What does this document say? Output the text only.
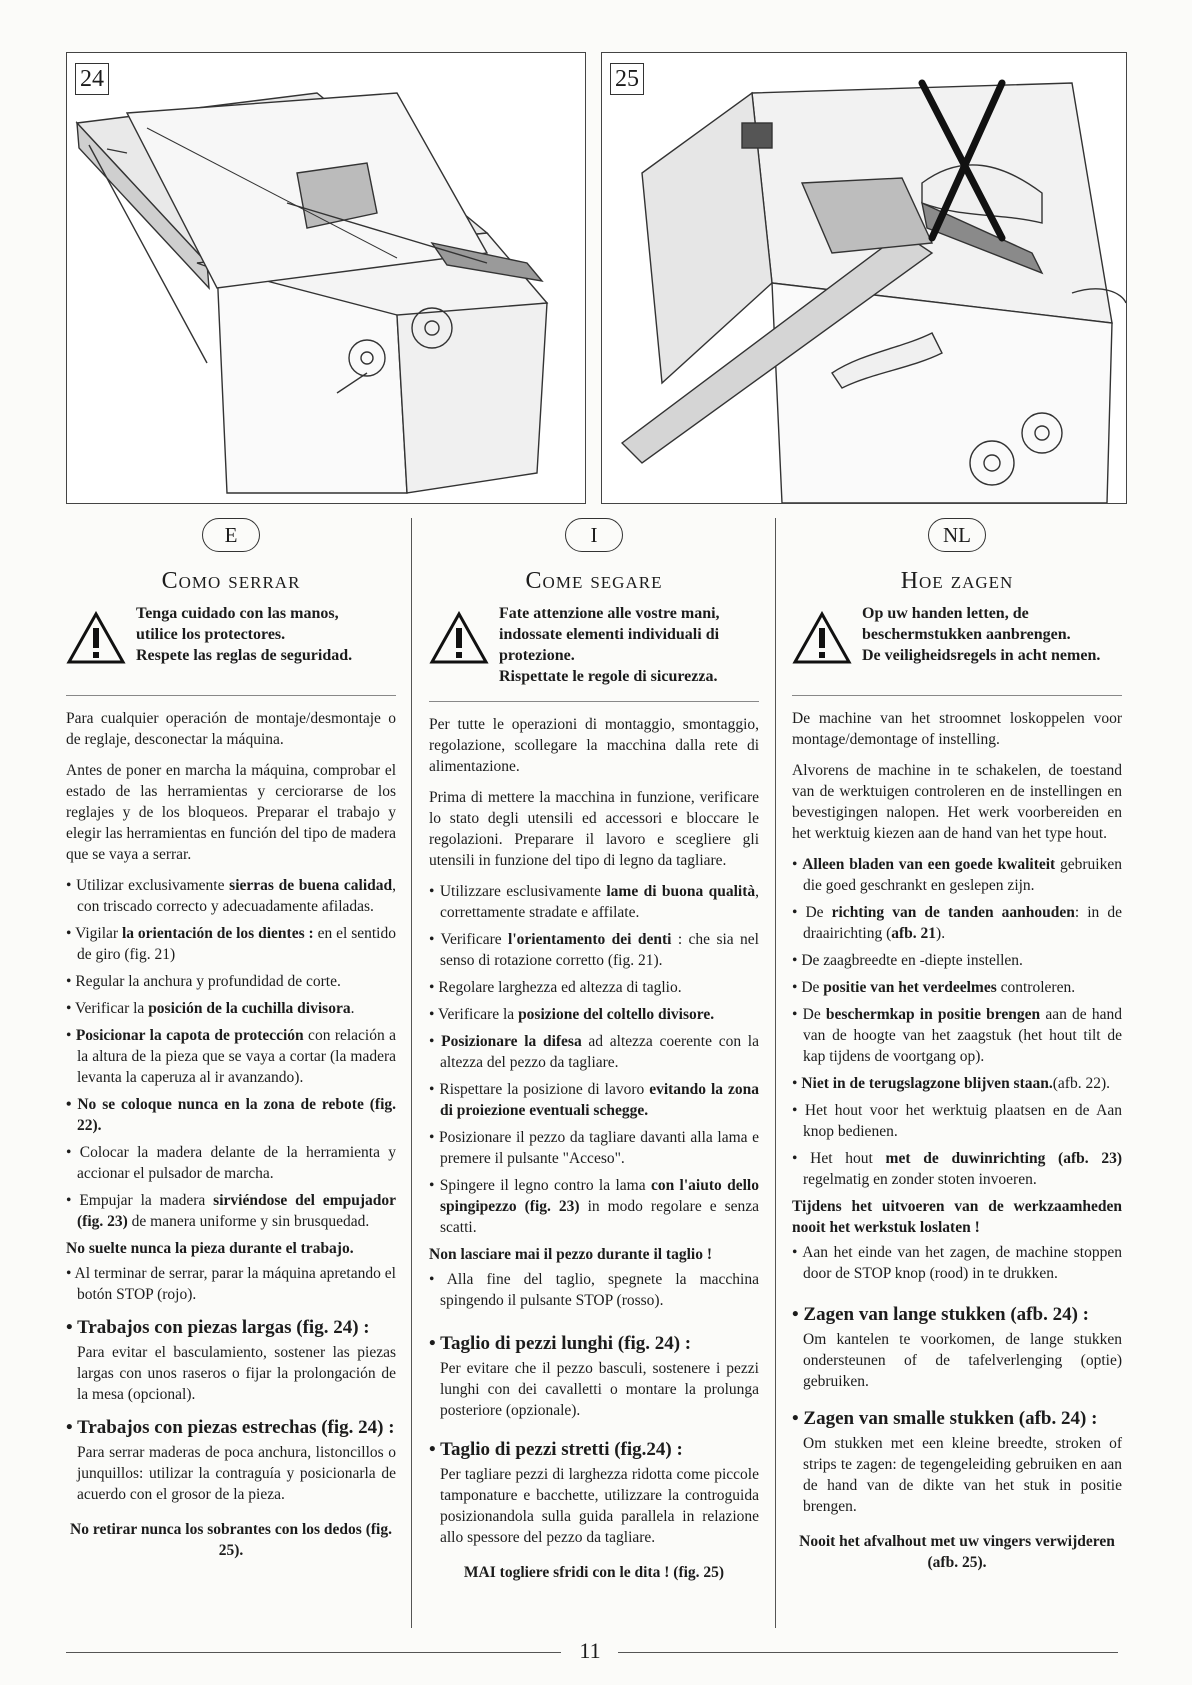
24	25
E
Como serrar

Tenga cuidado con las manos,

utilice los protectores.

Respete las reglas de seguridad.

Para cualquier operación de montaje/desmontaje o de reglaje, desconectar la máquina.

Antes de poner en marcha la máquina, comprobar el estado de las herramientas y cerciorarse de los reglajes y de los bloqueos. Preparar el trabajo y elegir las herramientas en función del tipo de madera que se vaya a serrar.

• Utilizar exclusivamente sierras de buena calidad, con triscado correcto y adecuadamente afiladas.

• Vigilar la orientación de los dientes : en el sentido de giro (fig. 21)

• Regular la anchura y profundidad de corte.

• Verificar la posición de la cuchilla divisora.

• Posicionar la capota de protección con relación a la altura de la pieza que se vaya a cortar (la madera levanta la caperuza al ir avanzando).

• No se coloque nunca en la zona de rebote (fig. 22).

• Colocar la madera delante de la herramienta y accionar el pulsador de marcha.

• Empujar la madera sirviéndose del empujador (fig. 23) de manera uniforme y sin brusquedad.

No suelte nunca la pieza durante el trabajo.

• Al terminar de serrar, parar la máquina apretando el botón STOP (rojo).

• Trabajos con piezas largas (fig. 24) :

Para evitar el basculamiento, sostener las piezas largas con unos raseros o fijar la prolongación de la mesa (opcional).

• Trabajos con piezas estrechas (fig. 24) :

Para serrar maderas de poca anchura, listoncillos o junquillos: utilizar la contraguía y posicionarla de acuerdo con el grosor de la pieza.

No retirar nunca los sobrantes con los dedos (fig. 25).
I
Come segare

Fate attenzione alle vostre mani, indossate elementi individuali di protezione.

Rispettate le regole di sicurezza.

Per tutte le operazioni di montaggio, smontaggio, regolazione, scollegare la macchina dalla rete di alimentazione.

Prima di mettere la macchina in funzione, verificare lo stato degli utensili ed accessori e bloccare le regolazioni. Preparare il lavoro e scegliere gli utensili in funzione del tipo di legno da tagliare.

• Utilizzare esclusivamente lame di buona qualità, correttamente stradate e affilate.

• Verificare l'orientamento dei denti : che sia nel senso di rotazione corretto (fig. 21).

• Regolare larghezza ed altezza di taglio.

• Verificare la posizione del coltello divisore.

• Posizionare la difesa ad altezza coerente con la altezza del pezzo da tagliare.

• Rispettare la posizione di lavoro evitando la zona di proiezione eventuali schegge.

• Posizionare il pezzo da tagliare davanti alla lama e premere il pulsante "Acceso".

• Spingere il legno contro la lama con l'aiuto dello spingipezzo (fig. 23) in modo regolare e senza scatti.

Non lasciare mai il pezzo durante il taglio !

• Alla fine del taglio, spegnete la macchina spingendo il pulsante STOP (rosso).

• Taglio di pezzi lunghi (fig. 24) :

Per evitare che il pezzo basculi, sostenere i pezzi lunghi con dei cavalletti o montare la prolunga posteriore (opzionale).

• Taglio di pezzi stretti (fig.24) :

Per tagliare pezzi di larghezza ridotta come piccole tamponature e bacchette, utilizzare la controguida posizionandola sulla guida parallela in relazione allo spessore del pezzo da tagliare.

MAI togliere sfridi con le dita ! (fig. 25)
NL
Hoe zagen

Op uw handen letten, de beschermstukken aanbrengen.

De veiligheidsregels in acht nemen.

De machine van het stroomnet loskoppelen voor montage/demontage of instelling.

Alvorens de machine in te schakelen, de toestand van de werktuigen controleren en de instellingen en bevestigingen nalopen. Het werk voorbereiden en het werktuig kiezen aan de hand van het type hout.

• Alleen bladen van een goede kwaliteit gebruiken die goed geschrankt en geslepen zijn.

• De richting van de tanden aanhouden: in de draairichting (afb. 21).

• De zaagbreedte en -diepte instellen.

• De positie van het verdeelmes controleren.

• De beschermkap in positie brengen aan de hand van de hoogte van het zaagstuk (het hout tilt de kap tijdens de voortgang op).

• Niet in de terugslagzone blijven staan.(afb. 22).

• Het hout voor het werktuig plaatsen en de Aan knop bedienen.

• Het hout met de duwinrichting (afb. 23) regelmatig en zonder stoten invoeren.

Tijdens het uitvoeren van de werkzaamheden nooit het werkstuk loslaten !

• Aan het einde van het zagen, de machine stoppen door de STOP knop (rood) in te drukken.

• Zagen van lange stukken (afb. 24) :

Om kantelen te voorkomen, de lange stukken ondersteunen of de tafelverlenging (optie) gebruiken.

• Zagen van smalle stukken (afb. 24) :

Om stukken met een kleine breedte, stroken of strips te zagen: de tegengeleiding gebruiken en aan de hand van de dikte van het stuk in positie brengen.

Nooit het afvalhout met uw vingers verwijderen (afb. 25).
11
